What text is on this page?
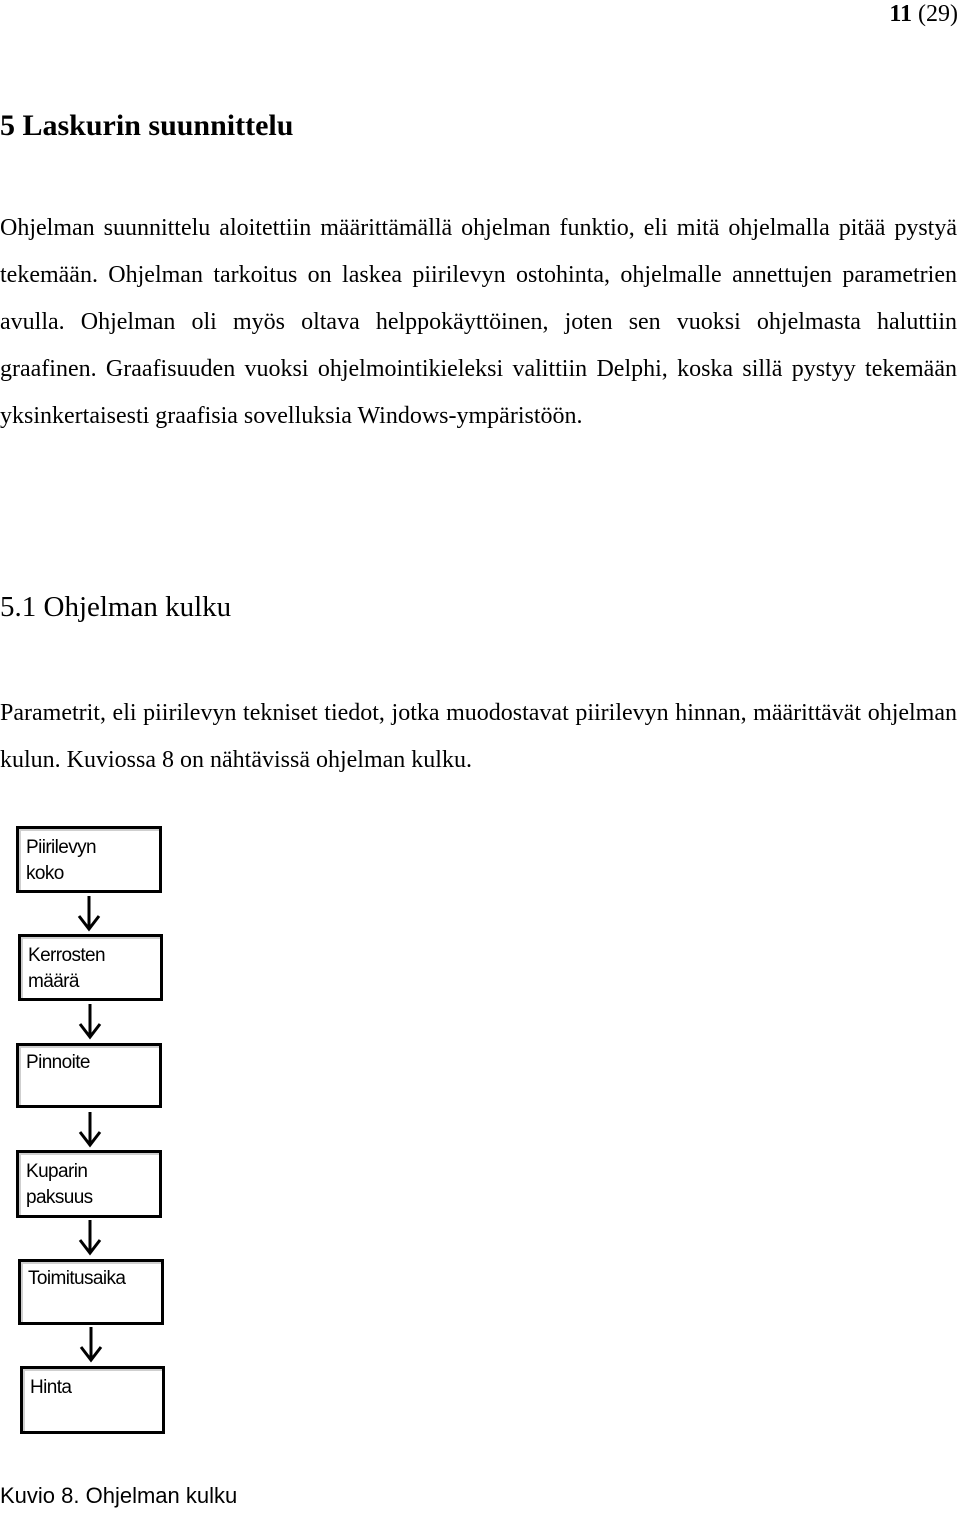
11 (29)
5 Laskurin suunnittelu

Ohjelman suunnittelu aloitettiin määrittämällä ohjelman funktio, eli mitä ohjelmalla pitää pystyä tekemään. Ohjelman tarkoitus on laskea piirilevyn ostohinta, ohjelmalle annettujen parametrien avulla. Ohjelman oli myös oltava helppokäyttöinen, joten sen vuoksi ohjelmasta haluttiin graafinen. Graafisuuden vuoksi ohjelmointikieleksi valittiin Delphi, koska sillä pystyy tekemään yksinkertaisesti graafisia sovelluksia Windows-ympäristöön.

5.1 Ohjelman kulku

Parametrit, eli piirilevyn tekniset tiedot, jotka muodostavat piirilevyn hinnan, määrittävät ohjelman kulun. Kuviossa 8 on nähtävissä ohjelman kulku.

Piirilevyn
koko
Kerrosten
määrä
Pinnoite
Kuparin
paksuus
Toimitusaika
Hinta

Kuvio 8. Ohjelman kulku
